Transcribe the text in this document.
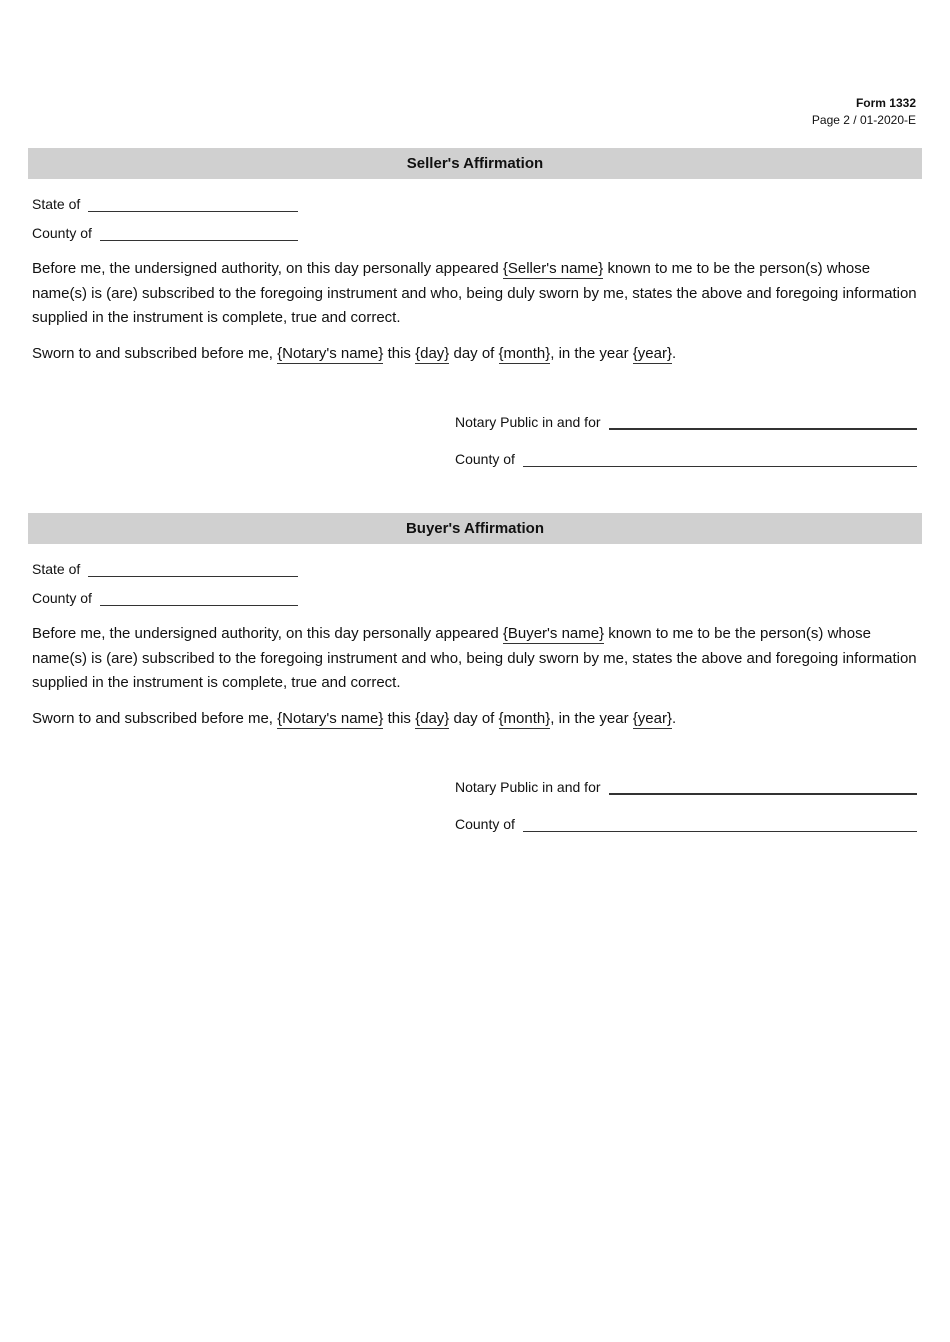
Form 1332
Page 2 / 01-2020-E
Seller's Affirmation
State of
County of

Before me, the undersigned authority, on this day personally appeared {Seller's name} known to me to be the person(s) whose name(s) is (are) subscribed to the foregoing instrument and who, being duly sworn by me, states the above and foregoing information supplied in the instrument is complete, true and correct.

Sworn to and subscribed before me, {Notary's name} this {day} day of {month}, in the year {year}.

Notary Public in and for
County of
Buyer's Affirmation
State of
County of

Before me, the undersigned authority, on this day personally appeared {Buyer's name} known to me to be the person(s) whose name(s) is (are) subscribed to the foregoing instrument and who, being duly sworn by me, states the above and foregoing information supplied in the instrument is complete, true and correct.

Sworn to and subscribed before me, {Notary's name} this {day} day of {month}, in the year {year}.

Notary Public in and for
County of
